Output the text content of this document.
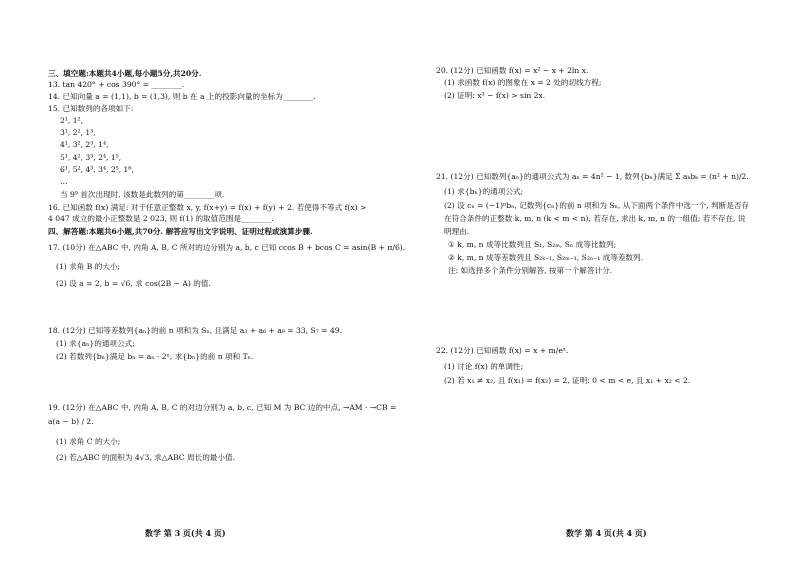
三、填空题:本题共4小题,每小题5分,共20分.
13. tan 420° + cos 390° = ________.
14. 已知向量 a = (1,1), b = (1,3), 则 b 在 a 上的投影向量的坐标为________.
15. 已知数列的各项如下:
2¹, 1²,
3¹, 2², 1³,
4¹, 3², 2³, 1⁴,
5¹, 4², 3³, 2⁴, 1⁵,
6¹, 5², 4³, 3⁴, 2⁵, 1⁶,
…
当 9⁹ 首次出现时, 该数是此数列的第________项.
16. 已知函数 f(x) 满足: 对于任意正整数 x, y, f(x+y) = f(x) + f(y) + 2. 若使得不等式 f(x) >
4 047 成立的最小正整数是 2 023, 则 f(1) 的取值范围是________.
四、解答题:本题共6小题,共70分. 解答应写出文字说明、证明过程或演算步骤.
17. (10分) 在△ABC 中, 内角 A, B, C 所对的边分别为 a, b, c 已知 ccos B + bcos C = asin(B + π/6).
(1) 求角 B 的大小;
(2) 设 a = 2, b = √6, 求 cos(2B − A) 的值.
18. (12分) 已知等差数列{aₙ}的前 n 项和为 Sₙ, 且满足 a₃ + a₆ + a₉ = 33, S₇ = 49.
(1) 求{aₙ}的通项公式;
(2) 若数列{bₙ}满足 bₙ = aₙ · 2ⁿ, 求{bₙ}的前 n 项和 Tₙ.
19. (12分) 在△ABC 中, 内角 A, B, C 的对边分别为 a, b, c, 已知 M 为 BC 边的中点, →AM · →CB =
a(a − b) / 2.
(1) 求角 C 的大小;
(2) 若△ABC 的面积为 4√3, 求△ABC 周长的最小值.
数学 第 3 页(共 4 页)
20. (12分) 已知函数 f(x) = x² − x + 2ln x.
(1) 求函数 f(x) 的图象在 x = 2 处的切线方程;
(2) 证明: x³ − f(x) > sin 2x.
21. (12分) 已知数列{aₙ}的通项公式为 aₙ = 4n² − 1, 数列{bₙ}满足 Σ aₖbₖ = (n² + n)/2.
(1) 求{bₙ}的通项公式;
(2) 设 cₙ = (−1)ⁿbₙ, 记数列{cₙ}的前 n 项和为 Sₙ, 从下面两个条件中选一个, 判断是否存
在符合条件的正整数 k, m, n (k < m < n), 若存在, 求出 k, m, n 的一组值; 若不存在, 说
明理由.
① k, m, n 成等比数列且 S₁, S₂ₘ, Sₙ 成等比数列;
② k, m, n 成等差数列且 S₂ₖ₋₁, S₂ₘ₋₁, S₂ₙ₋₁ 成等差数列.
注: 如选择多个条件分别解答, 按第一个解答计分.
22. (12分) 已知函数 f(x) = x + m/eˣ.
(1) 讨论 f(x) 的单调性;
(2) 若 x₁ ≠ x₂, 且 f(x₁) = f(x₂) = 2, 证明: 0 < m < e, 且 x₁ + x₂ < 2.
数学 第 4 页(共 4 页)
